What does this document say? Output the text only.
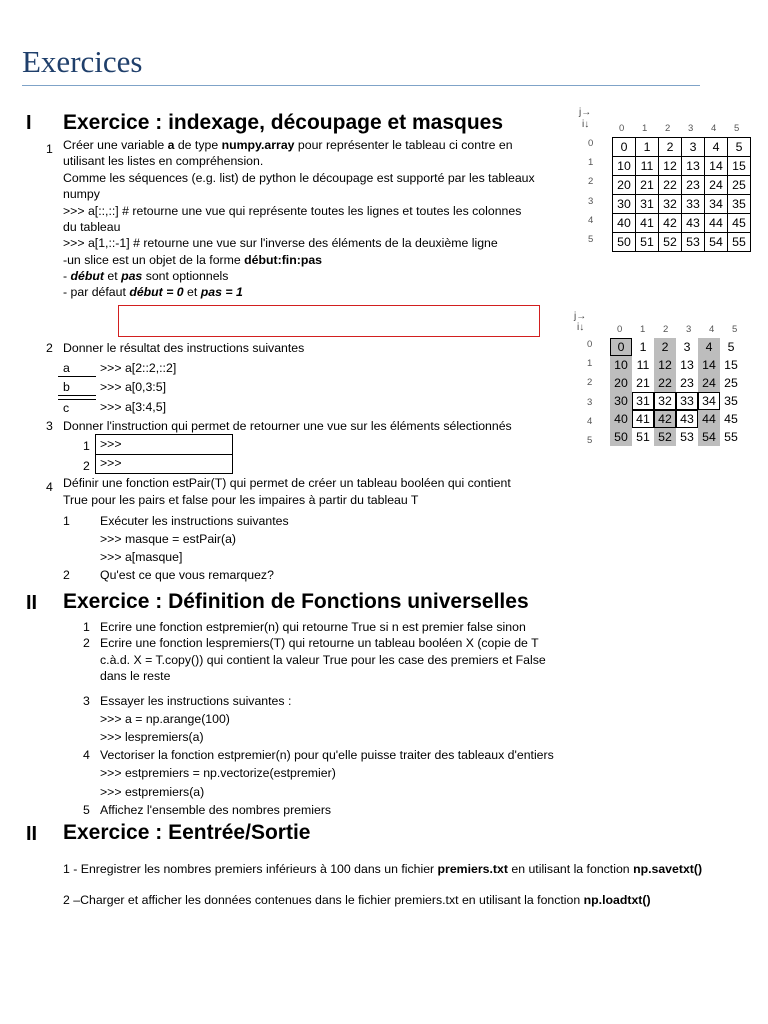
Exercices
I Exercice : indexage, découpage et masques
1 Créer une variable a de type numpy.array pour représenter le tableau ci contre en
utilisant les listes en compréhension.
Comme les séquences (e.g. list) de python le découpage est supporté par les tableaux
numpy
>>> a[::,::] # retourne une vue qui représente toutes les lignes et toutes les colonnes
du tableau
>>> a[1,::-1] # retourne une vue sur l'inverse des éléments de la deuxième ligne
-un slice est un objet de la forme début:fin:pas
- début et pas sont optionnels
- par défaut début = 0 et pas = 1
2 Donner le résultat des instructions suivantes
a	>>> a[2::2,::2]
b	>>> a[0,3:5]
c	>>> a[3:4,5]
3 Donner l'instruction qui permet de retourner une vue sur les éléments sélectionnés
1 >>>
2 >>>
4 Définir une fonction estPair(T) qui permet de créer un tableau booléen qui contient
True pour les pairs et false pour les impaires à partir du tableau T
1 Exécuter les instructions suivantes
>>> masque = estPair(a)
>>> a[masque]
2 Qu'est ce que vous remarquez?
j→
i↓	0 1 2 3 4 5
0
1
2
3
4
5
0	1	2	3	4	5
10	11	12	13	14	15
20	21	22	23	24	25
30	31	32	33	34	35
40	41	42	43	44	45
50	51	52	53	54	55
j→
i↓	0 1 2 3 4 5
0
1
2
3
4
5
0	1	2	3	4	5
10	11	12	13	14	15
20	21	22	23	24	25
30	31	32	33	34	35
40	41	42	43	44	45
50	51	52	53	54	55
II Exercice : Définition de Fonctions universelles
1 Ecrire une fonction estpremier(n) qui retourne True si n est premier false sinon
2 Ecrire une fonction lespremiers(T) qui retourne un tableau booléen X (copie de T
c.à.d. X = T.copy()) qui contient la valeur True pour les case des premiers et False
dans le reste
3 Essayer les instructions suivantes :
>>> a = np.arange(100)
>>> lespremiers(a)
4 Vectoriser la fonction estpremier(n) pour qu'elle puisse traiter des tableaux d'entiers
>>> estpremiers = np.vectorize(estpremier)
>>> estpremiers(a)
5 Affichez l'ensemble des nombres premiers
II Exercice : Eentrée/Sortie
1 - Enregistrer les nombres premiers inférieurs à 100 dans un fichier premiers.txt en utilisant la fonction np.savetxt()
2 –Charger et afficher les données contenues dans le fichier premiers.txt en utilisant la fonction np.loadtxt()
